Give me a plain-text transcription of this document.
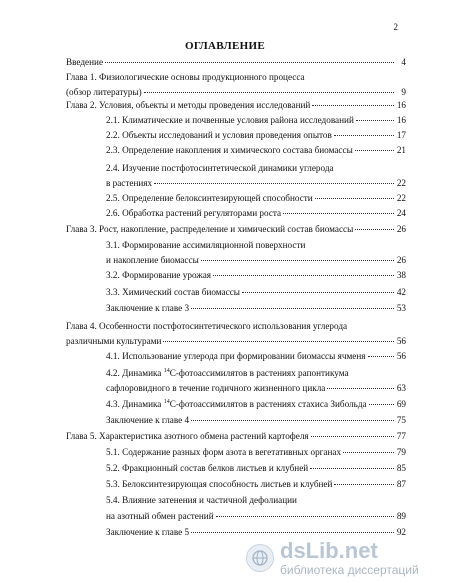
2
ОГЛАВЛЕНИЕ
Введение	4
Глава 1. Физиологические основы продукционного процесса
(обзор литературы)	9
Глава 2. Условия, объекты и методы проведения исследований	16
2.1. Климатические и почвенные условия района исследований	16
2.2. Объекты исследований и условия проведения опытов	17
2.3. Определение накопления и химического состава биомассы	21
2.4. Изучение постфотосинтетической динамики углерода
в растениях	22
2.5. Определение белоксинтезирующей способности	22
2.6. Обработка растений регуляторами роста	24
Глава 3. Рост, накопление, распределение и химический состав биомассы	26
3.1. Формирование ассимиляционной поверхности
и накопление биомассы	26
3.2. Формирование урожая	38
3.3. Химический состав биомассы	42
Заключение к главе 3	53
Глава 4. Особенности постфотосинтетического использования углерода
различными культурами	56
4.1. Использование углерода при формировании биомассы ячменя	56
4.2. Динамика $^{14}$С-фотоассимилятов в растениях рапонтикума
сафлоровидного в течение годичного жизненного цикла	63
4.3. Динамика $^{14}$С-фотоассимилятов в растениях стахиса Зибольда	69
Заключение к главе 4	75
Глава 5. Характеристика азотного обмена растений картофеля	77
5.1. Содержание разных форм азота в вегетативных органах	79
5.2. Фракционный состав белков листьев и клубней	85
5.3. Белоксинтезирующая способность листьев и клубней	87
5.4. Влияние затенения и частичной дефолиации
на азотный обмен растений	89
Заключение к главе 5	92
dsLib.net
библиотека диссертаций
